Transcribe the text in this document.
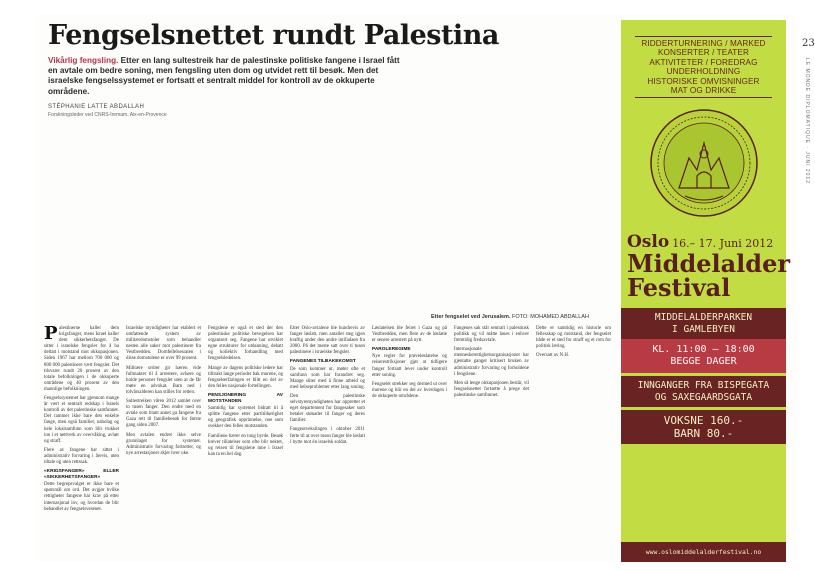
עופר
Fengselsnettet rundt Palestina
Vikårlig fengsling. Etter en lang sultestreik har de palestinske politiske fangene i Israel fått en avtale om bedre soning, men fengsling uten dom og utvidet rett til besøk. Men det israelske fengselssystemet er fortsatt et sentralt middel for kontroll av de okkuperte områdene.
STÉPHANIE LATTE ABDALLAH
Forskningsleder ved CNRS-Iremam, Aix-en-Provence
Etter fengselet ved Jerusalem. FOTO: MOHAMED ABDALLAH

Palestinerne kaller dem krigsfanger, mens Israel kaller dem sikkerhetsfanger. De sitter i israelske fengsler for å ha deltatt i motstand mot okkupasjonen. Siden 1967 har mellom 700 000 og 800 000 palestinere vært fengslet. Det tilsvarer rundt 20 prosent av den totale befolkningen i de okkuperte områdene og 40 prosent av den mannlige befolkningen.

Fengselssystemet har gjennom mange år vært et sentralt redskap i Israels kontroll av det palestinske samfunnet. Det rammer ikke bare den enkelte fange, men også familier, nabolag og hele lokalsamfunn som blir trukket inn i et nettverk av overvåking, avhør og straff.

Flere av fangene har sittet i administrativ forvaring i årevis, uten tiltale og uten rettssak.

«KRIGSFANGER» ELLER «SIKKERHETSFANGER»

Dette begrepsvalget er ikke bare et spørsmål om ord. Det avgjør hvilke rettigheter fangene har krav på etter internasjonal lov, og hvordan de blir behandlet av fengselsvesenet.

Israelske myndigheter har etablert et omfattende system av militærdomstoler som behandler nesten alle saker mot palestinere fra Vestbredden. Domfellelsesraten i disse domstolene er over 99 prosent.

Militære ordrer gir hæren vide fullmakter til å arrestere, avhøre og holde personer fengslet uten at de får møte en advokat. Barn ned i tolvårsalderen kan stilles for retten.

Sultestreiken våren 2012 samlet over to tusen fanger. Den endte med en avtale som blant annet ga fangene fra Gaza rett til familiebesøk for første gang siden 2007.

Men avtalen endret ikke selve grunnlaget for systemet. Administrativ forvaring fortsetter, og nye arrestasjoner skjer hver uke.

Fengslene er også et sted der den palestinske politiske bevegelsen har organisert seg. Fangene har utviklet egne strukturer for utdanning, debatt og kollektiv forhandling med fengselsledelsen.

Mange av dagens politiske ledere har tilbrakt lange perioder bak murene, og fengselserfaringen er blitt en del av den felles nasjonale fortellingen.

PENSJONERING AV MOTSTANDEN

Samtidig har systemet bidratt til å splitte fangene etter partitilhørighet og geografisk opprinnelse, noe som svekker den felles motstanden.

Familiene bærer en tung byrde. Besøk krever tillatelser som ofte blir nektet, og reisen til fengslene inne i Israel kan ta en hel dag.

Etter Oslo-avtalene ble hundrevis av fanger løslatt, men antallet steg igjen kraftig under den andre intifadaen fra 2000. På det meste satt over ti tusen palestinere i israelske fengsler.

FANGENES TILBAKEKOMST

De som kommer ut, møter ofte et samfunn som har forandret seg. Mange sliter med å finne arbeid og med helseproblemer etter lang soning.

Den palestinske selvstyremyndigheten har opprettet et eget departement for fangesaker som betaler stønader til fanger og deres familier.

Fangeutvekslingen i oktober 2011 førte til at over tusen fanger ble løslatt i bytte mot én israelsk soldat.

Løslatelsen ble feiret i Gaza og på Vestbredden, men flere av de løslatte er senere arrestert på nytt.

PAROLEREGIME

Nye regler for prøveløslatelse og reiserestriksjoner gjør at tidligere fanger fortsatt lever under kontroll etter soning.

Fengselet strekker seg dermed ut over murene og blir en del av hverdagen i de okkuperte områdene.

Fangenes sak står sentralt i palestinsk politikk og vil måtte løses i enhver fremtidig fredsavtale.

Internasjonale menneskerettighetsorganisasjoner har gjentatte ganger kritisert bruken av administrativ forvaring og forholdene i fengslene.

Men så lenge okkupasjonen består, vil fengselsnettet fortsette å prege det palestinske samfunnet.

Dette er samtidig en historie om fellesskap og motstand, der fengselet både er et sted for straff og et rom for politisk læring.

Oversatt av N.H.

RIDDERTURNERING / MARKED
KONSERTER / TEATER
AKTIVITETER / FOREDRAG
UNDERHOLDNING
HISTORISKE OMVISNINGER
MAT OG DRIKKE
Oslo 16.– 17. Juni 2012
Middelalder
Festival
MIDDELALDERPARKEN
I GAMLEBYEN
KL. 11:00 – 18:00
BEGGE DAGER
INNGANGER FRA BISPEGATA
OG SAXEGAARDSGATA
VOKSNE 160.-
BARN 80.-
www.oslomiddelalderfestival.no
23
LE MONDE DIPLOMATIQUE · JUNI 2012
